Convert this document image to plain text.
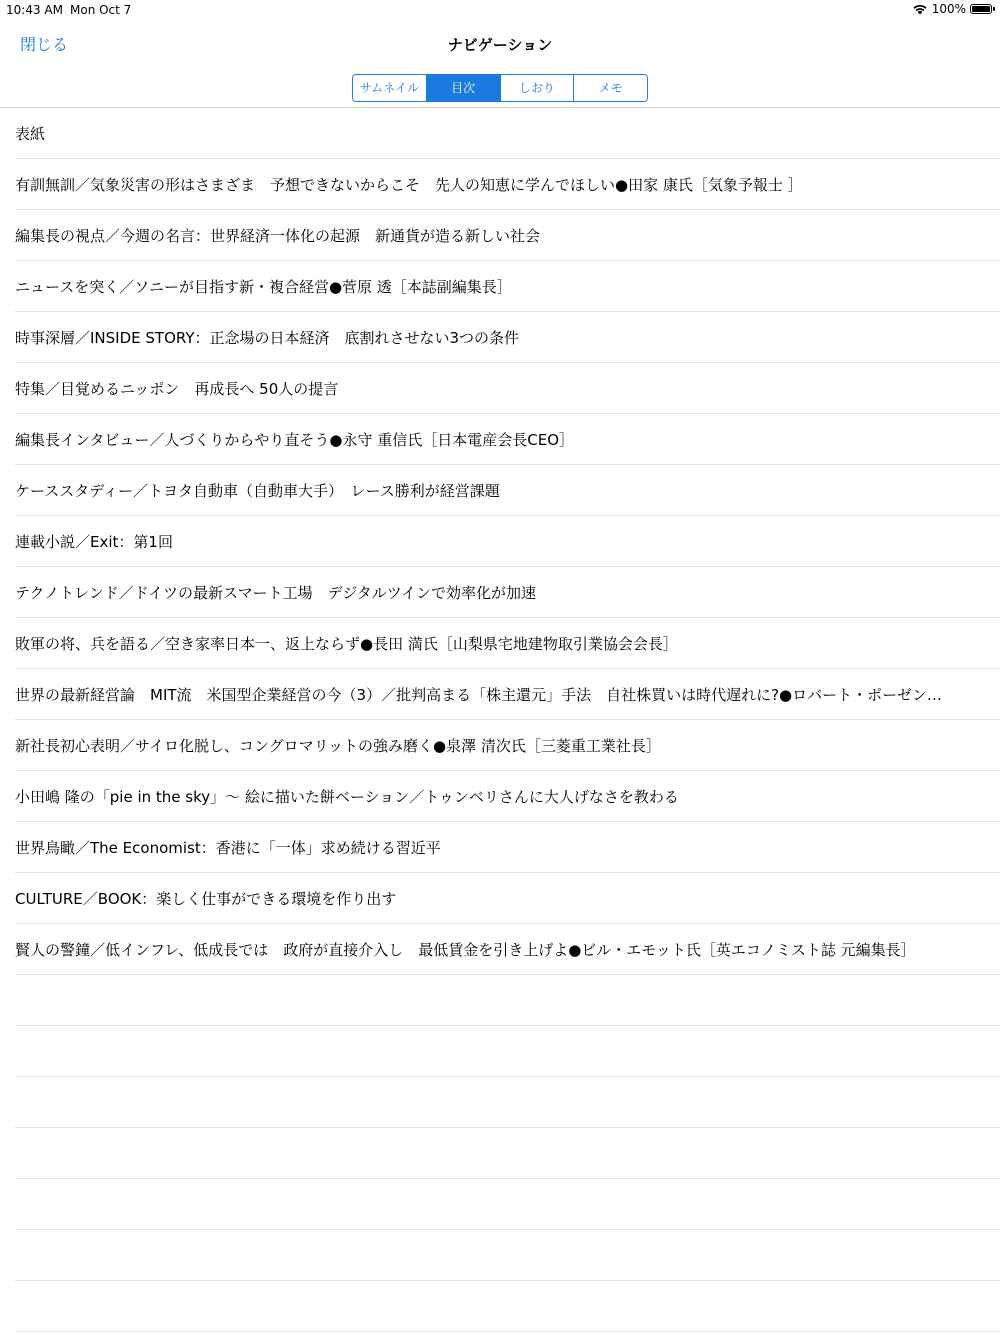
10:43 AM Mon Oct 7	100%
閉じる	ナビゲーション
サムネイル	目次	しおり	メモ
表紙
有訓無訓／気象災害の形はさまざま　予想できないからこそ　先人の知恵に学んでほしい●田家 康氏［気象予報士 ］
編集長の視点／今週の名言：世界経済一体化の起源　新通貨が造る新しい社会
ニュースを突く／ソニーが目指す新・複合経営●菅原 透［本誌副編集長］
時事深層／INSIDE STORY：正念場の日本経済　底割れさせない3つの条件
特集／目覚めるニッポン　再成長へ 50人の提言
編集長インタビュー／人づくりからやり直そう●永守 重信氏［日本電産会長CEO］
ケーススタディー／トヨタ自動車（自動車大手）　レース勝利が経営課題
連載小説／Exit：第1回
テクノトレンド／ドイツの最新スマート工場　デジタルツインで効率化が加速
敗軍の将、兵を語る／空き家率日本一、返上ならず●長田 満氏［山梨県宅地建物取引業協会会長］
世界の最新経営論　MIT流　米国型企業経営の今（3）／批判高まる「株主還元」手法　自社株買いは時代遅れに?●ロバート・ポーゼン…
新社長初心表明／サイロ化脱し、コングロマリットの強み磨く●泉澤 清次氏［三菱重工業社長］
小田嶋 隆の「pie in the sky」〜 絵に描いた餅ベーション／トゥンベリさんに大人げなさを教わる
世界鳥瞰／The Economist：香港に「一体」求め続ける習近平
CULTURE／BOOK：楽しく仕事ができる環境を作り出す
賢人の警鐘／低インフレ、低成長では　政府が直接介入し　最低賃金を引き上げよ●ビル・エモット氏［英エコノミスト誌 元編集長］
